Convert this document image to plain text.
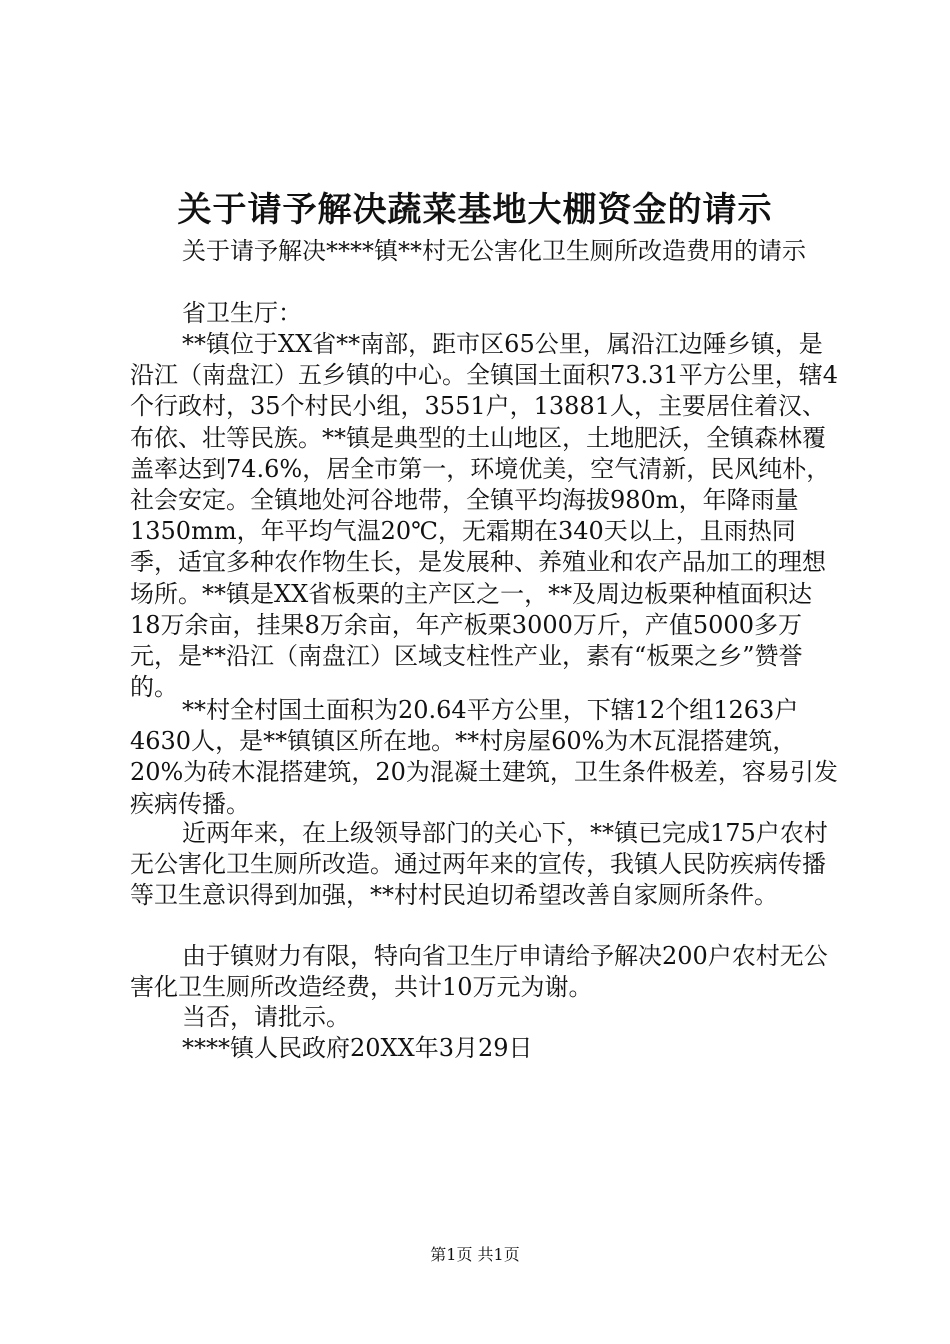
关于请予解决蔬菜基地大棚资金的请示
关于请予解决****镇**村无公害化卫生厕所改造费用的请示
省卫生厅：
**镇位于XX省**南部，距市区65公里，属沿江边陲乡镇，是沿江（南盘江）五乡镇的中心。全镇国土面积73.31平方公里，辖4个行政村，35个村民小组，3551户，13881人，主要居住着汉、布依、壮等民族。**镇是典型的土山地区，土地肥沃，全镇森林覆盖率达到74.6%，居全市第一，环境优美，空气清新，民风纯朴，社会安定。全镇地处河谷地带，全镇平均海拔980m，年降雨量1350mm，年平均气温20℃，无霜期在340天以上，且雨热同季，适宜多种农作物生长，是发展种、养殖业和农产品加工的理想场所。**镇是XX省板栗的主产区之一，**及周边板栗种植面积达18万余亩，挂果8万余亩，年产板栗3000万斤，产值5000多万元，是**沿江（南盘江）区域支柱性产业，素有“板栗之乡”赞誉的。
**村全村国土面积为20.64平方公里，下辖12个组1263户4630人，是**镇镇区所在地。**村房屋60%为木瓦混搭建筑，20%为砖木混搭建筑，20为混凝土建筑，卫生条件极差，容易引发疾病传播。
近两年来，在上级领导部门的关心下，**镇已完成175户农村无公害化卫生厕所改造。通过两年来的宣传，我镇人民防疾病传播等卫生意识得到加强，**村村民迫切希望改善自家厕所条件。
由于镇财力有限，特向省卫生厅申请给予解决200户农村无公害化卫生厕所改造经费，共计10万元为谢。
当否，请批示。
****镇人民政府20XX年3月29日
第1页 共1页
